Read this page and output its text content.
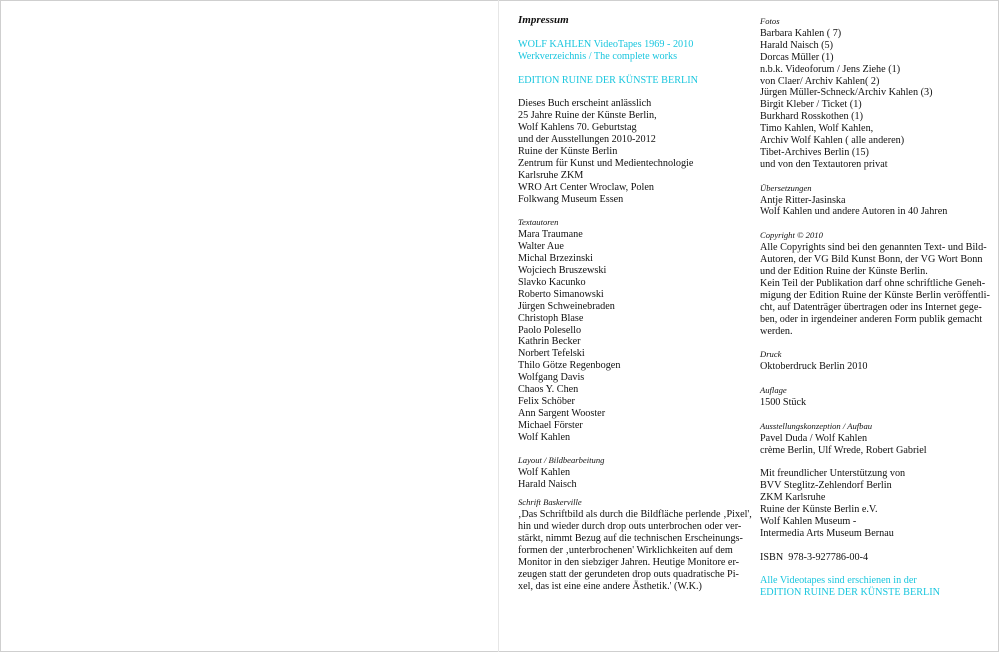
Impressum
WOLF KAHLEN VideoTapes 1969 - 2010
Werkverzeichnis / The complete works
EDITION RUINE DER KÜNSTE BERLIN
Dieses Buch erscheint anlässlich
25 Jahre Ruine der Künste Berlin,
Wolf Kahlens 70. Geburtstag
und der Ausstellungen 2010-2012
Ruine der Künste Berlin
Zentrum für Kunst und Medientechnologie
Karlsruhe ZKM
WRO Art Center Wroclaw, Polen
Folkwang Museum Essen
Textautoren
Mara Traumane
Walter Aue
Michal Brzezinski
Wojciech Bruszewski
Slavko Kacunko
Roberto Simanowski
Jürgen Schweinebraden
Christoph Blase
Paolo Polesello
Kathrin Becker
Norbert Tefelski
Thilo Götze Regenbogen
Wolfgang Davis
Chaos Y. Chen
Felix Schöber
Ann Sargent Wooster
Michael Förster
Wolf Kahlen
Layout / Bildbearbeitung
Wolf Kahlen
Harald Naisch
Schrift Baskerville
‚Das Schriftbild als durch die Bildfläche perlende ‚Pixel',
hin und wieder durch drop outs unterbrochen oder ver-
stärkt, nimmt Bezug auf die technischen Erscheinungs-
formen der ‚unterbrochenen' Wirklichkeiten auf dem
Monitor in den siebziger Jahren. Heutige Monitore er-
zeugen statt der gerundeten drop outs quadratische Pi-
xel, das ist eine eine andere Ästhetik.' (W.K.)
Fotos
Barbara Kahlen ( 7)
Harald Naisch (5)
Dorcas Müller (1)
n.b.k. Videoforum / Jens Ziehe (1)
von Claer/ Archiv Kahlen( 2)
Jürgen Müller-Schneck/Archiv Kahlen (3)
Birgit Kleber / Ticket (1)
Burkhard Rosskothen (1)
Timo Kahlen, Wolf Kahlen,
Archiv Wolf Kahlen ( alle anderen)
Tibet-Archives Berlin (15)
und von den Textautoren privat
Übersetzungen
Antje Ritter-Jasinska
Wolf Kahlen und andere Autoren in 40 Jahren
Copyright © 2010
Alle Copyrights sind bei den genannten Text- und Bild-
Autoren, der VG Bild Kunst Bonn, der VG Wort Bonn
und der Edition Ruine der Künste Berlin.
Kein Teil der Publikation darf ohne schriftliche Geneh-
migung der Edition Ruine der Künste Berlin veröffentli-
cht, auf Datenträger übertragen oder ins Internet gege-
ben, oder in irgendeiner anderen Form publik gemacht
werden.
Druck
Oktoberdruck Berlin 2010
Auflage
1500 Stück
Ausstellungskonzeption / Aufbau
Pavel Duda / Wolf Kahlen
crème Berlin, Ulf Wrede, Robert Gabriel
Mit freundlicher Unterstützung von
BVV Steglitz-Zehlendorf Berlin
ZKM Karlsruhe
Ruine der Künste Berlin e.V.
Wolf Kahlen Museum -
Intermedia Arts Museum Bernau
ISBN  978-3-927786-00-4
Alle Videotapes sind erschienen in der
EDITION RUINE DER KÜNSTE BERLIN
